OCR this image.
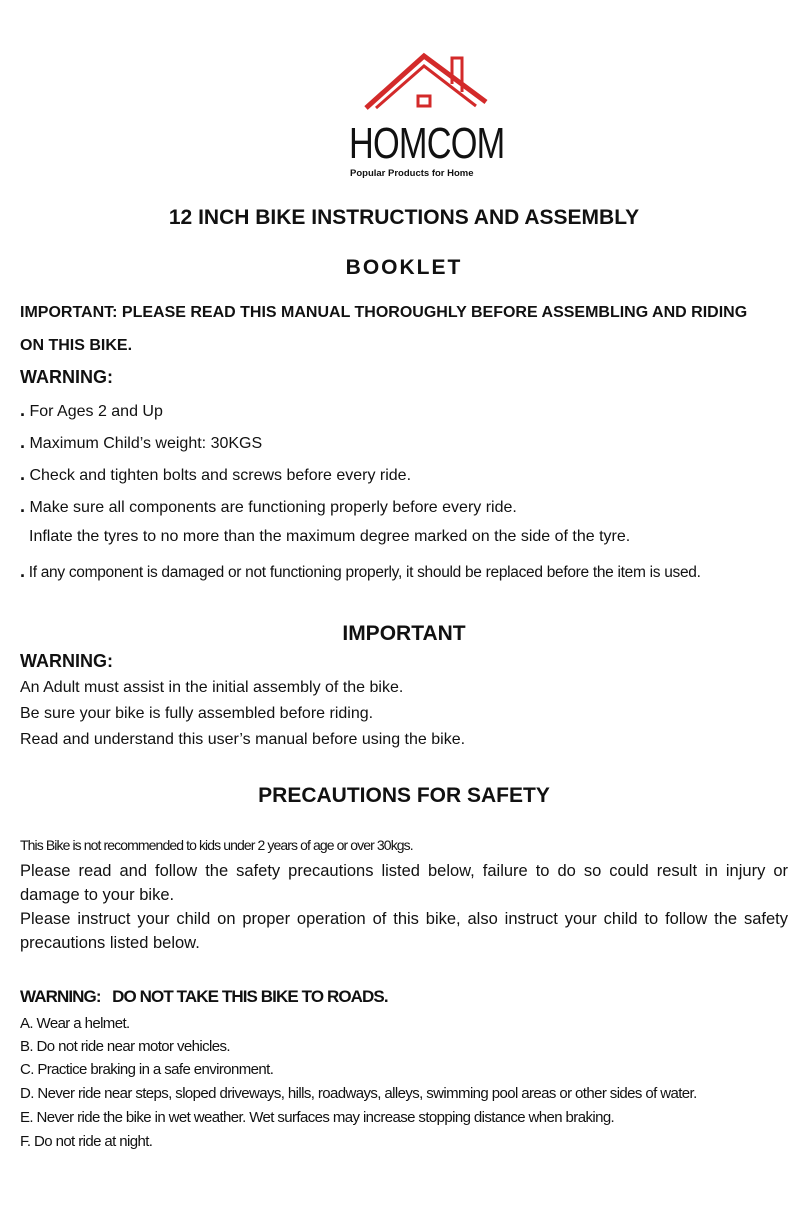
HOMCOM
Popular Products for Home
12 INCH BIKE INSTRUCTIONS AND ASSEMBLY
BOOKLET
IMPORTANT: PLEASE READ THIS MANUAL THOROUGHLY BEFORE ASSEMBLING AND RIDING
ON THIS BIKE.
WARNING:
. For Ages 2 and Up
. Maximum Child’s weight: 30KGS
. Check and tighten bolts and screws before every ride.
. Make sure all components are functioning properly before every ride.
Inflate the tyres to no more than the maximum degree marked on the side of the tyre.
. If any component is damaged or not functioning properly, it should be replaced before the item is used.
IMPORTANT
WARNING:
An Adult must assist in the initial assembly of the bike.
Be sure your bike is fully assembled before riding.
Read and understand this user’s manual before using the bike.
PRECAUTIONS FOR SAFETY
This Bike is not recommended to kids under 2 years of age or over 30kgs.
Please read and follow the safety precautions listed below, failure to do so could result in injury or damage to your bike.
Please instruct your child on proper operation of this bike, also instruct your child to follow the safety precautions listed below.
WARNING:   DO NOT TAKE THIS BIKE TO ROADS.
A. Wear a helmet.
B. Do not ride near motor vehicles.
C. Practice braking in a safe environment.
D. Never ride near steps, sloped driveways, hills, roadways, alleys, swimming pool areas or other sides of water.
E. Never ride the bike in wet weather. Wet surfaces may increase stopping distance when braking.
F. Do not ride at night.
